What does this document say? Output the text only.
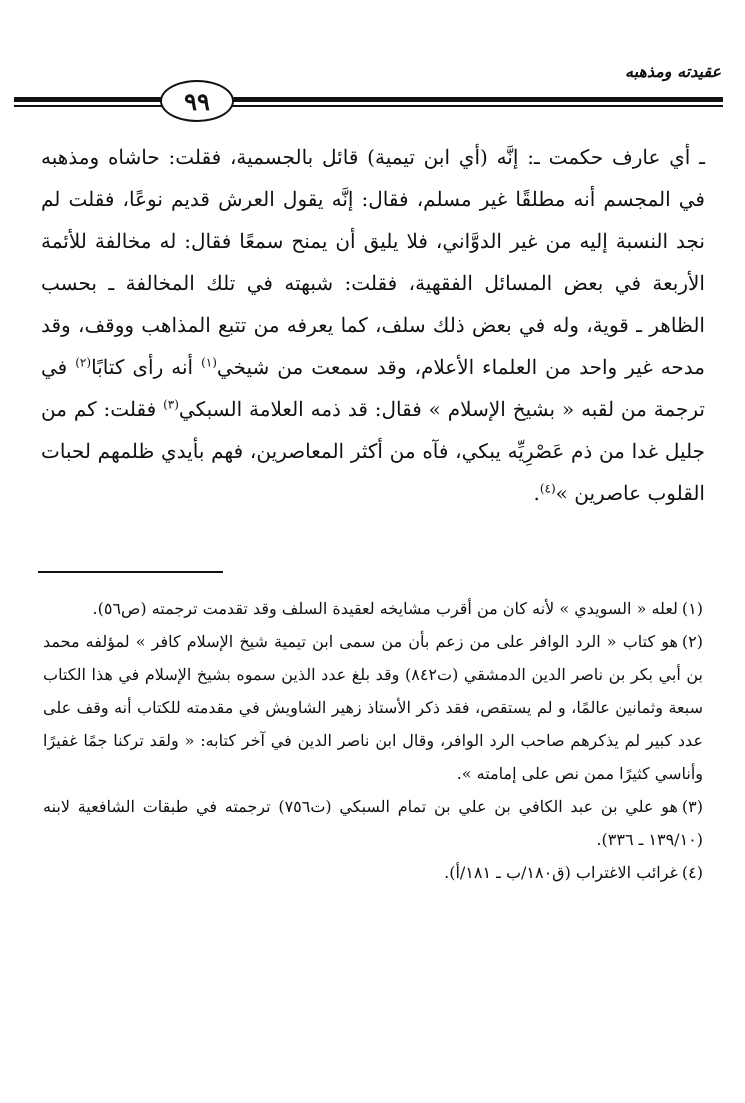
عقيدته ومذهبه
٩٩

ـ أي عارف حكمت ـ: إنَّه (أي ابن تيمية) قائل بالجسمية، فقلت: حاشاه ومذهبه في المجسم أنه مطلقًا غير مسلم، فقال: إنَّه يقول العرش قديم نوعًا، فقلت لم نجد النسبة إليه من غير الدوَّاني، فلا يليق أن يمنح سمعًا فقال: له مخالفة للأئمة الأربعة في بعض المسائل الفقهية، فقلت: شبهته في تلك المخالفة ـ بحسب الظاهر ـ قوية، وله في بعض ذلك سلف، كما يعرفه من تتبع المذاهب ووقف، وقد مدحه غير واحد من العلماء الأعلام، وقد سمعت من شيخي$^{(١)}$ أنه رأى كتابًا$^{(٢)}$ في ترجمة من لقبه « بشيخ الإسلام » فقال: قد ذمه العلامة السبكي$^{(٣)}$ فقلت: كم من جليل غدا من ذم عَصْرِيِّه يبكي، فآه من أكثر المعاصرين، فهم بأيدي ظلمهم لحبات القلوب عاصرين »$^{(٤)}$.

(١)لعله « السويدي » لأنه كان من أقرب مشايخه لعقيدة السلف وقد تقدمت ترجمته (ص٥٦).

(٢)هو كتاب « الرد الوافر على من زعم بأن من سمى ابن تيمية شيخ الإسلام كافر » لمؤلفه محمد بن أبي بكر بن ناصر الدين الدمشقي (ت٨٤٢) وقد بلغ عدد الذين سموه بشيخ الإسلام في هذا الكتاب سبعة وثمانين عالمًا، و لم يستقص، فقد ذكر الأستاذ زهير الشاويش في مقدمته للكتاب أنه وقف على عدد كبير لم يذكرهم صاحب الرد الوافر، وقال ابن ناصر الدين في آخر كتابه: « ولقد تركنا جمًا غفيرًا وأناسي كثيرًا ممن نص على إمامته ».

(٣)هو علي بن عبد الكافي بن علي بن تمام السبكي (ت٧٥٦) ترجمته في طبقات الشافعية لابنه (١٣٩/١٠ ـ ٣٣٦).

(٤)غرائب الاغتراب (ق١٨٠/ب ـ ١٨١/أ).
